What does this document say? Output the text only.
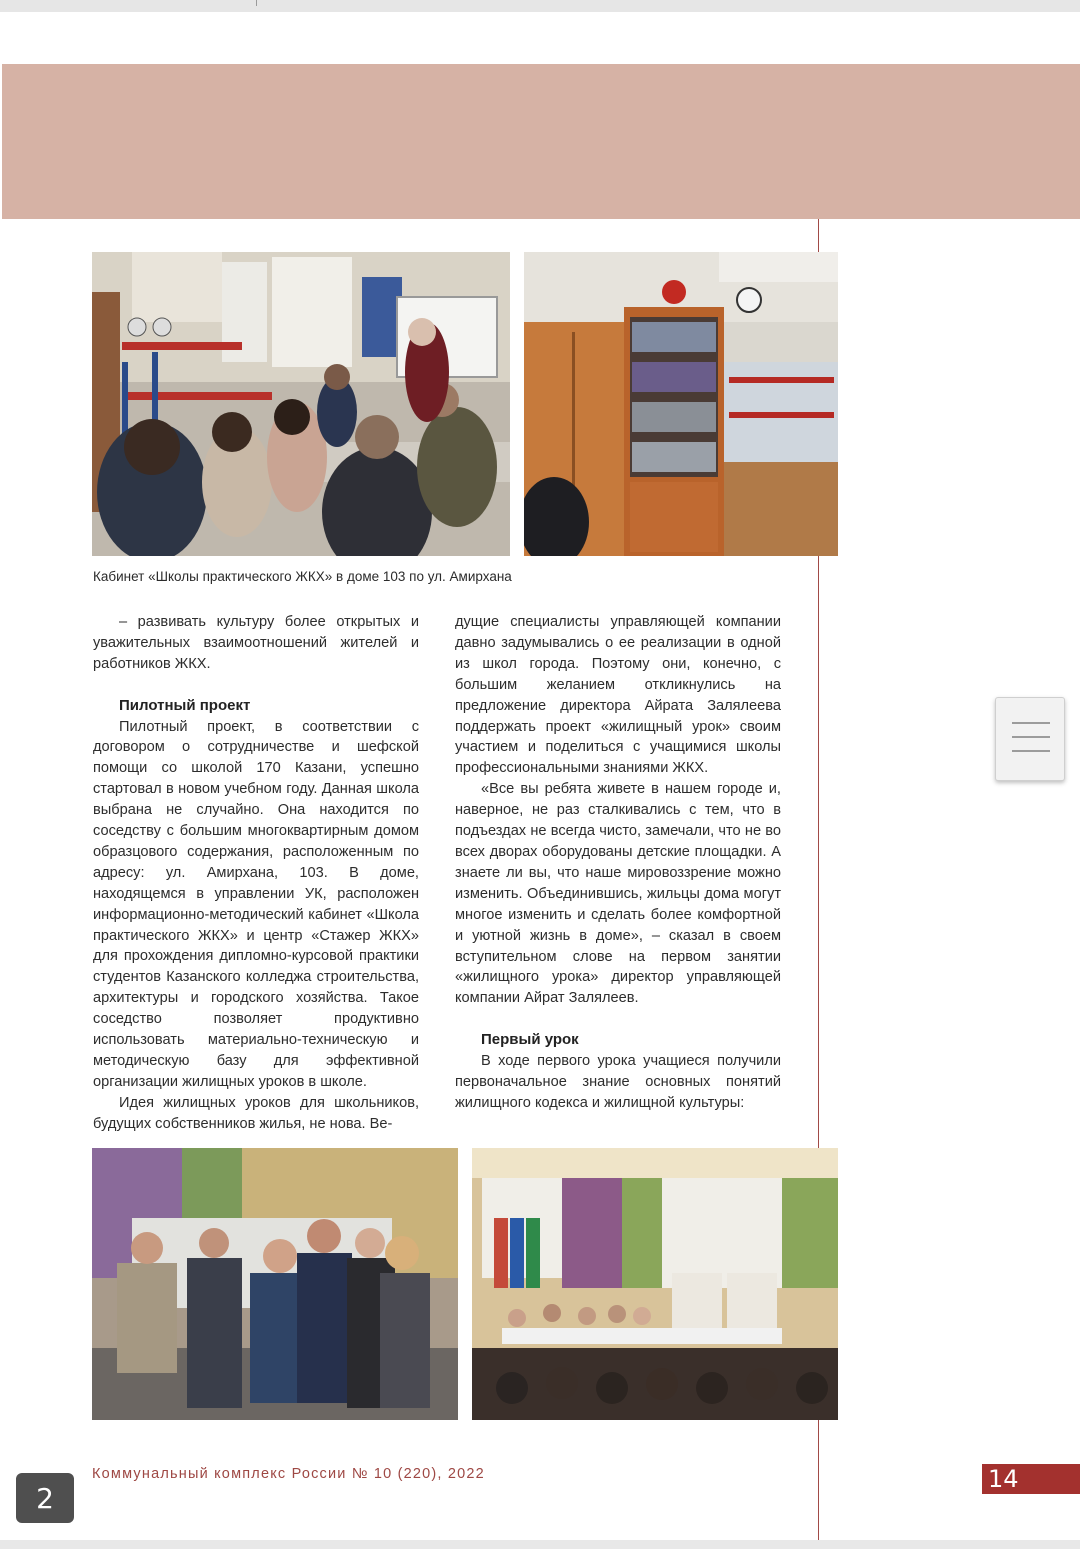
Кабинет «Школы практического ЖКХ» в доме 103 по ул. Амирхана

– развивать культуру более открытых и уважительных взаимоотношений жителей и работников ЖКХ.

Пилотный проект

Пилотный проект, в соответствии с договором о сотрудничестве и шефской помощи со школой 170 Казани, успешно стартовал в новом учебном году. Данная школа выбрана не случайно. Она находится по соседству с большим многоквартирным домом образцового содержания, расположенным по адресу: ул. Амирхана, 103. В доме, находящемся в управлении УК, расположен информационно-методический кабинет «Школа практического ЖКХ» и центр «Стажер ЖКХ» для прохождения дипломно-курсовой практики студентов Казанского колледжа строительства, архитектуры и городского хозяйства. Такое соседство позволяет продуктивно использовать материально-техническую и методическую базу для эффективной организации жилищных уроков в школе.

Идея жилищных уроков для школьников, будущих собственников жилья, не нова. Ве-

дущие специалисты управляющей компании давно задумывались о ее реализации в одной из школ города. Поэтому они, конечно, с большим желанием откликнулись на предложение директора Айрата Залялеева поддержать проект «жилищный урок» своим участием и поделиться с учащимися школы профессиональными знаниями ЖКХ.

«Все вы ребята живете в нашем городе и, наверное, не раз сталкивались с тем, что в подъездах не всегда чисто, замечали, что не во всех дворах оборудованы детские площадки. А знаете ли вы, что наше мировоззрение можно изменить. Объединившись, жильцы дома могут многое изменить и сделать более комфортной и уютной жизнь в доме», – сказал в своем вступительном слове на первом занятии «жилищного урока» директор управляющей компании Айрат Залялеев.

Первый урок

В ходе первого урока учащиеся получили первоначальное знание основных понятий жилищного кодекса и жилищной культуры:

Коммунальный комплекс России № 10 (220), 2022	14
2
